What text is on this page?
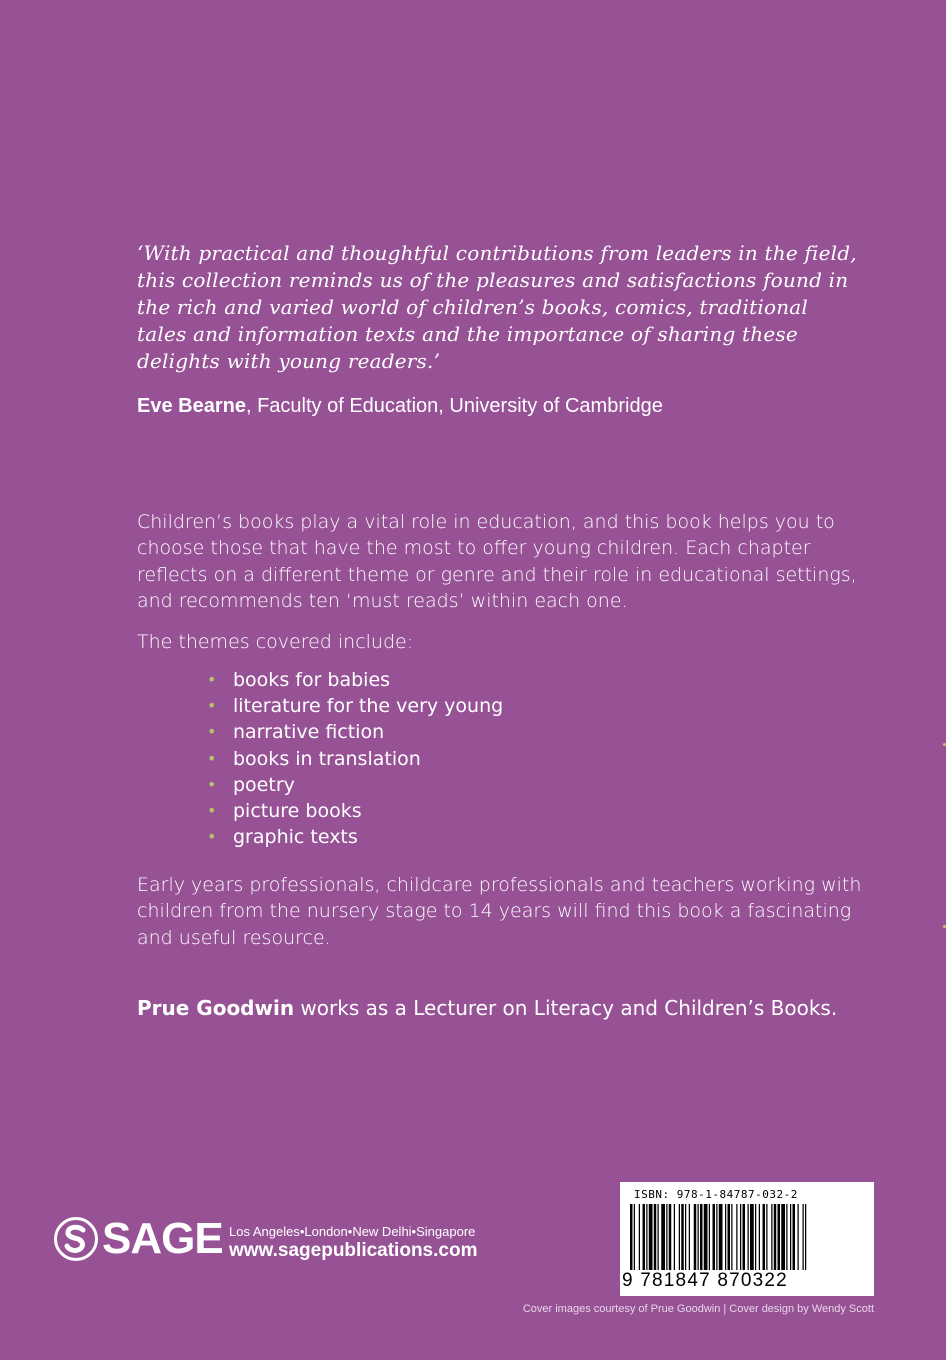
‘With practical and thoughtful contributions from leaders in the field, this collection reminds us of the pleasures and satisfactions found in the rich and varied world of children’s books, comics, traditional tales and information texts and the importance of sharing these delights with young readers.’

Eve Bearne, Faculty of Education, University of Cambridge

Children’s books play a vital role in education, and this book helps you to choose those that have the most to offer young children. Each chapter reflects on a different theme or genre and their role in educational settings, and recommends ten ‘must reads’ within each one.

The themes covered include:

• books for babies
• literature for the very young
• narrative fiction
• books in translation
• poetry
• picture books
• graphic texts

Early years professionals, childcare professionals and teachers working with children from the nursery stage to 14 years will find this book a fascinating and useful resource.

Prue Goodwin works as a Lecturer on Literacy and Children’s Books.

SAGE Los Angeles•London•New Delhi•Singapore
www.sagepublications.com
ISBN: 978-1-84787-032-2
9 781847 870322
Cover images courtesy of Prue Goodwin | Cover design by Wendy Scott
